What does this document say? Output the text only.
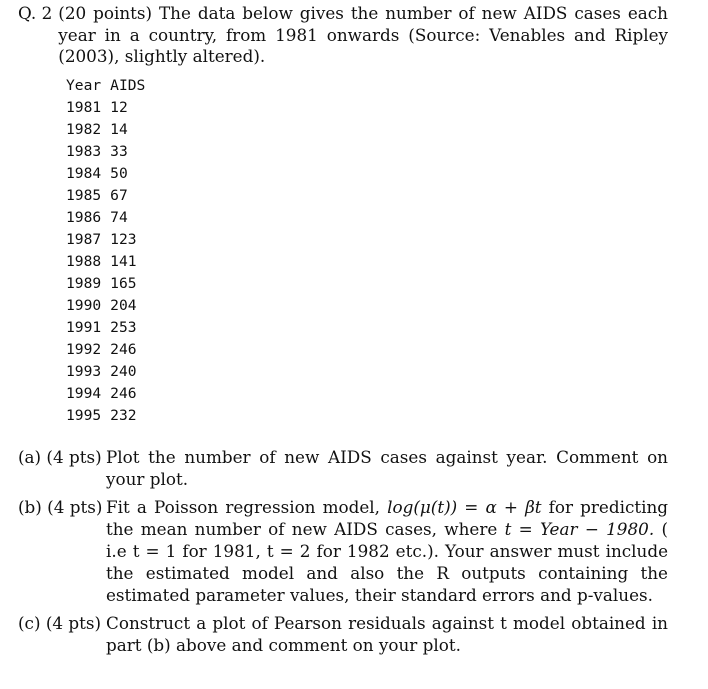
Q. 2 (20 points) The data below gives the number of new AIDS cases each year in a country, from 1981 onwards (Source: Venables and Ripley (2003), slightly altered).
Year	AIDS
1981	12
1982	14
1983	33
1984	50
1985	67
1986	74
1987	123
1988	141
1989	165
1990	204
1991	253
1992	246
1993	240
1994	246
1995	232
(a) (4 pts) Plot the number of new AIDS cases against year. Comment on your plot.
(b) (4 pts) Fit a Poisson regression model, log(μ(t)) = α + βt for predicting the mean number of new AIDS cases, where t = Year − 1980. ( i.e t = 1 for 1981, t = 2 for 1982 etc.). Your answer must include the estimated model and also the R outputs containing the estimated parameter values, their standard errors and p-values.
(c) (4 pts) Construct a plot of Pearson residuals against t model obtained in part (b) above and comment on your plot.
